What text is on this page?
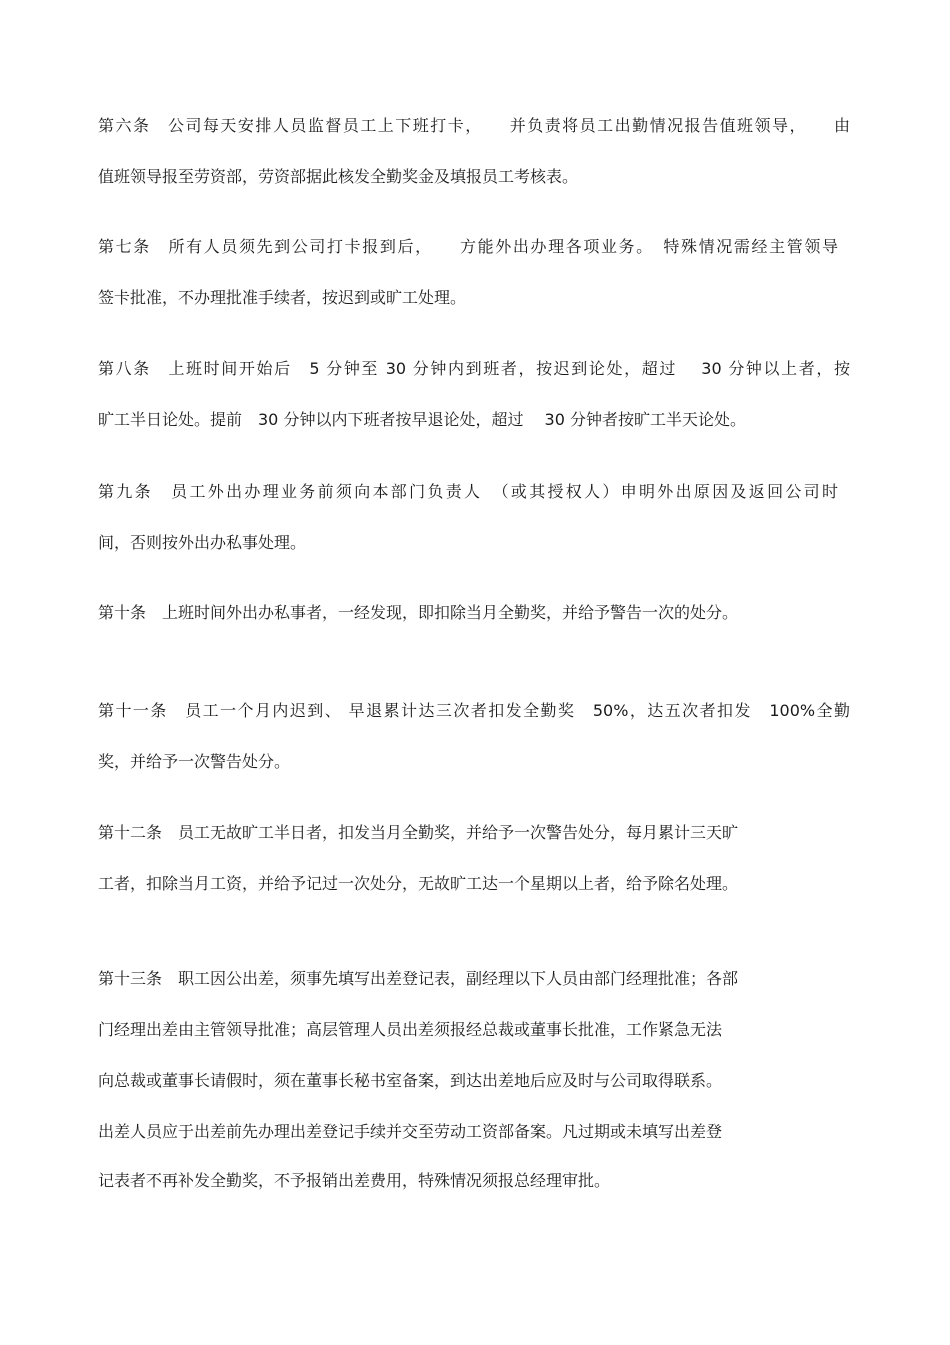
第六条　公司每天安排人员监督员工上下班打卡，　　并负责将员工出勤情况报告值班领导，　　由
值班领导报至劳资部，劳资部据此核发全勤奖金及填报员工考核表。
第七条　所有人员须先到公司打卡报到后，　　方能外出办理各项业务。　特殊情况需经主管领导
签卡批准，不办理批准手续者，按迟到或旷工处理。
第八条　上班时间开始后　5 分钟至 30 分钟内到班者，按迟到论处，超过　 30 分钟以上者，按
旷工半日论处。提前　30 分钟以内下班者按早退论处，超过　 30 分钟者按旷工半天论处。
第九条　员工外出办理业务前须向本部门负责人　（或其授权人）申明外出原因及返回公司时
间，否则按外出办私事处理。
第十条　上班时间外出办私事者，一经发现，即扣除当月全勤奖，并给予警告一次的处分。
第十一条　员工一个月内迟到、 早退累计达三次者扣发全勤奖　50%，达五次者扣发　100%全勤
奖，并给予一次警告处分。
第十二条　员工无故旷工半日者，扣发当月全勤奖，并给予一次警告处分，每月累计三天旷
工者，扣除当月工资，并给予记过一次处分，无故旷工达一个星期以上者，给予除名处理。
第十三条　职工因公出差，须事先填写出差登记表，副经理以下人员由部门经理批准；各部
门经理出差由主管领导批准；高层管理人员出差须报经总裁或董事长批准，工作紧急无法
向总裁或董事长请假时，须在董事长秘书室备案，到达出差地后应及时与公司取得联系。
出差人员应于出差前先办理出差登记手续并交至劳动工资部备案。凡过期或未填写出差登
记表者不再补发全勤奖，不予报销出差费用，特殊情况须报总经理审批。
